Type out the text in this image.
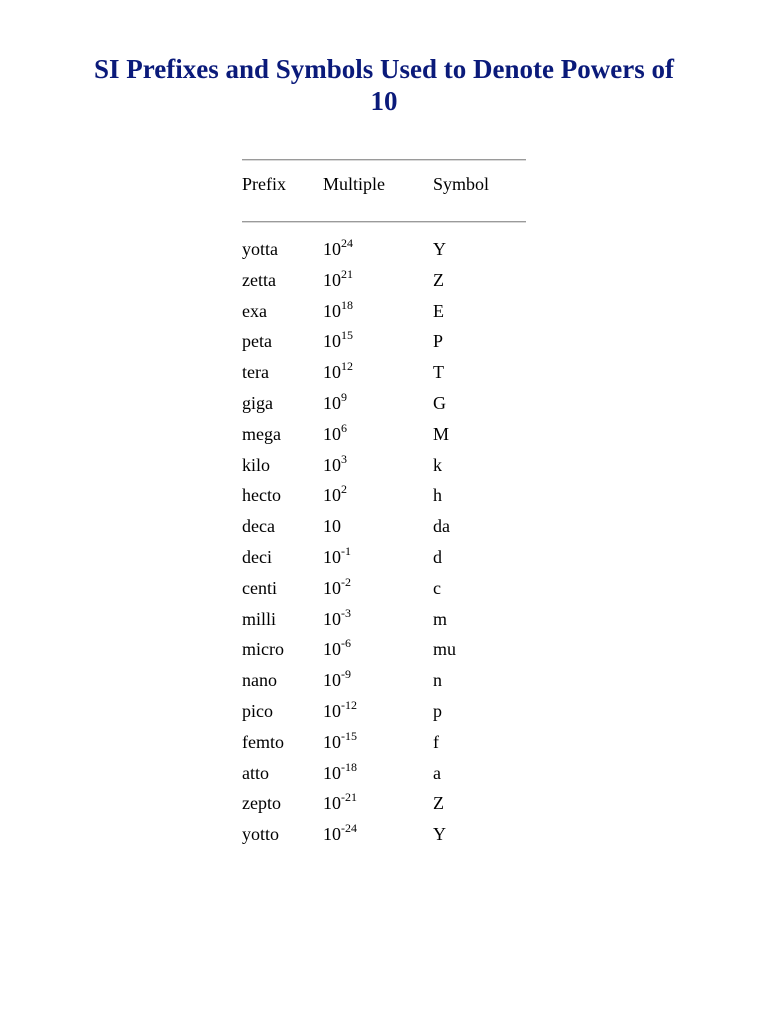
SI Prefixes and Symbols Used to Denote Powers of 10
Prefix Multiple	Symbol
yotta	$10^{24}$	Y
zetta	$10^{21}$	Z
exa	$10^{18}$	E
peta	$10^{15}$	P
tera	$10^{12}$	T
giga	$10^9$	G
mega $10^6$	M
kilo	$10^3$	k
hecto $10^2$	h
deca	10	da
deci	$10^{-1}$	d
centi	$10^{-2}$	c
milli	$10^{-3}$	m
micro $10^{-6}$	mu
nano	$10^{-9}$	n
pico	$10^{-12}$	p
femto $10^{-15}$	f
atto	$10^{-18}$	a
zepto $10^{-21}$	Z
yotto $10^{-24}$	Y
